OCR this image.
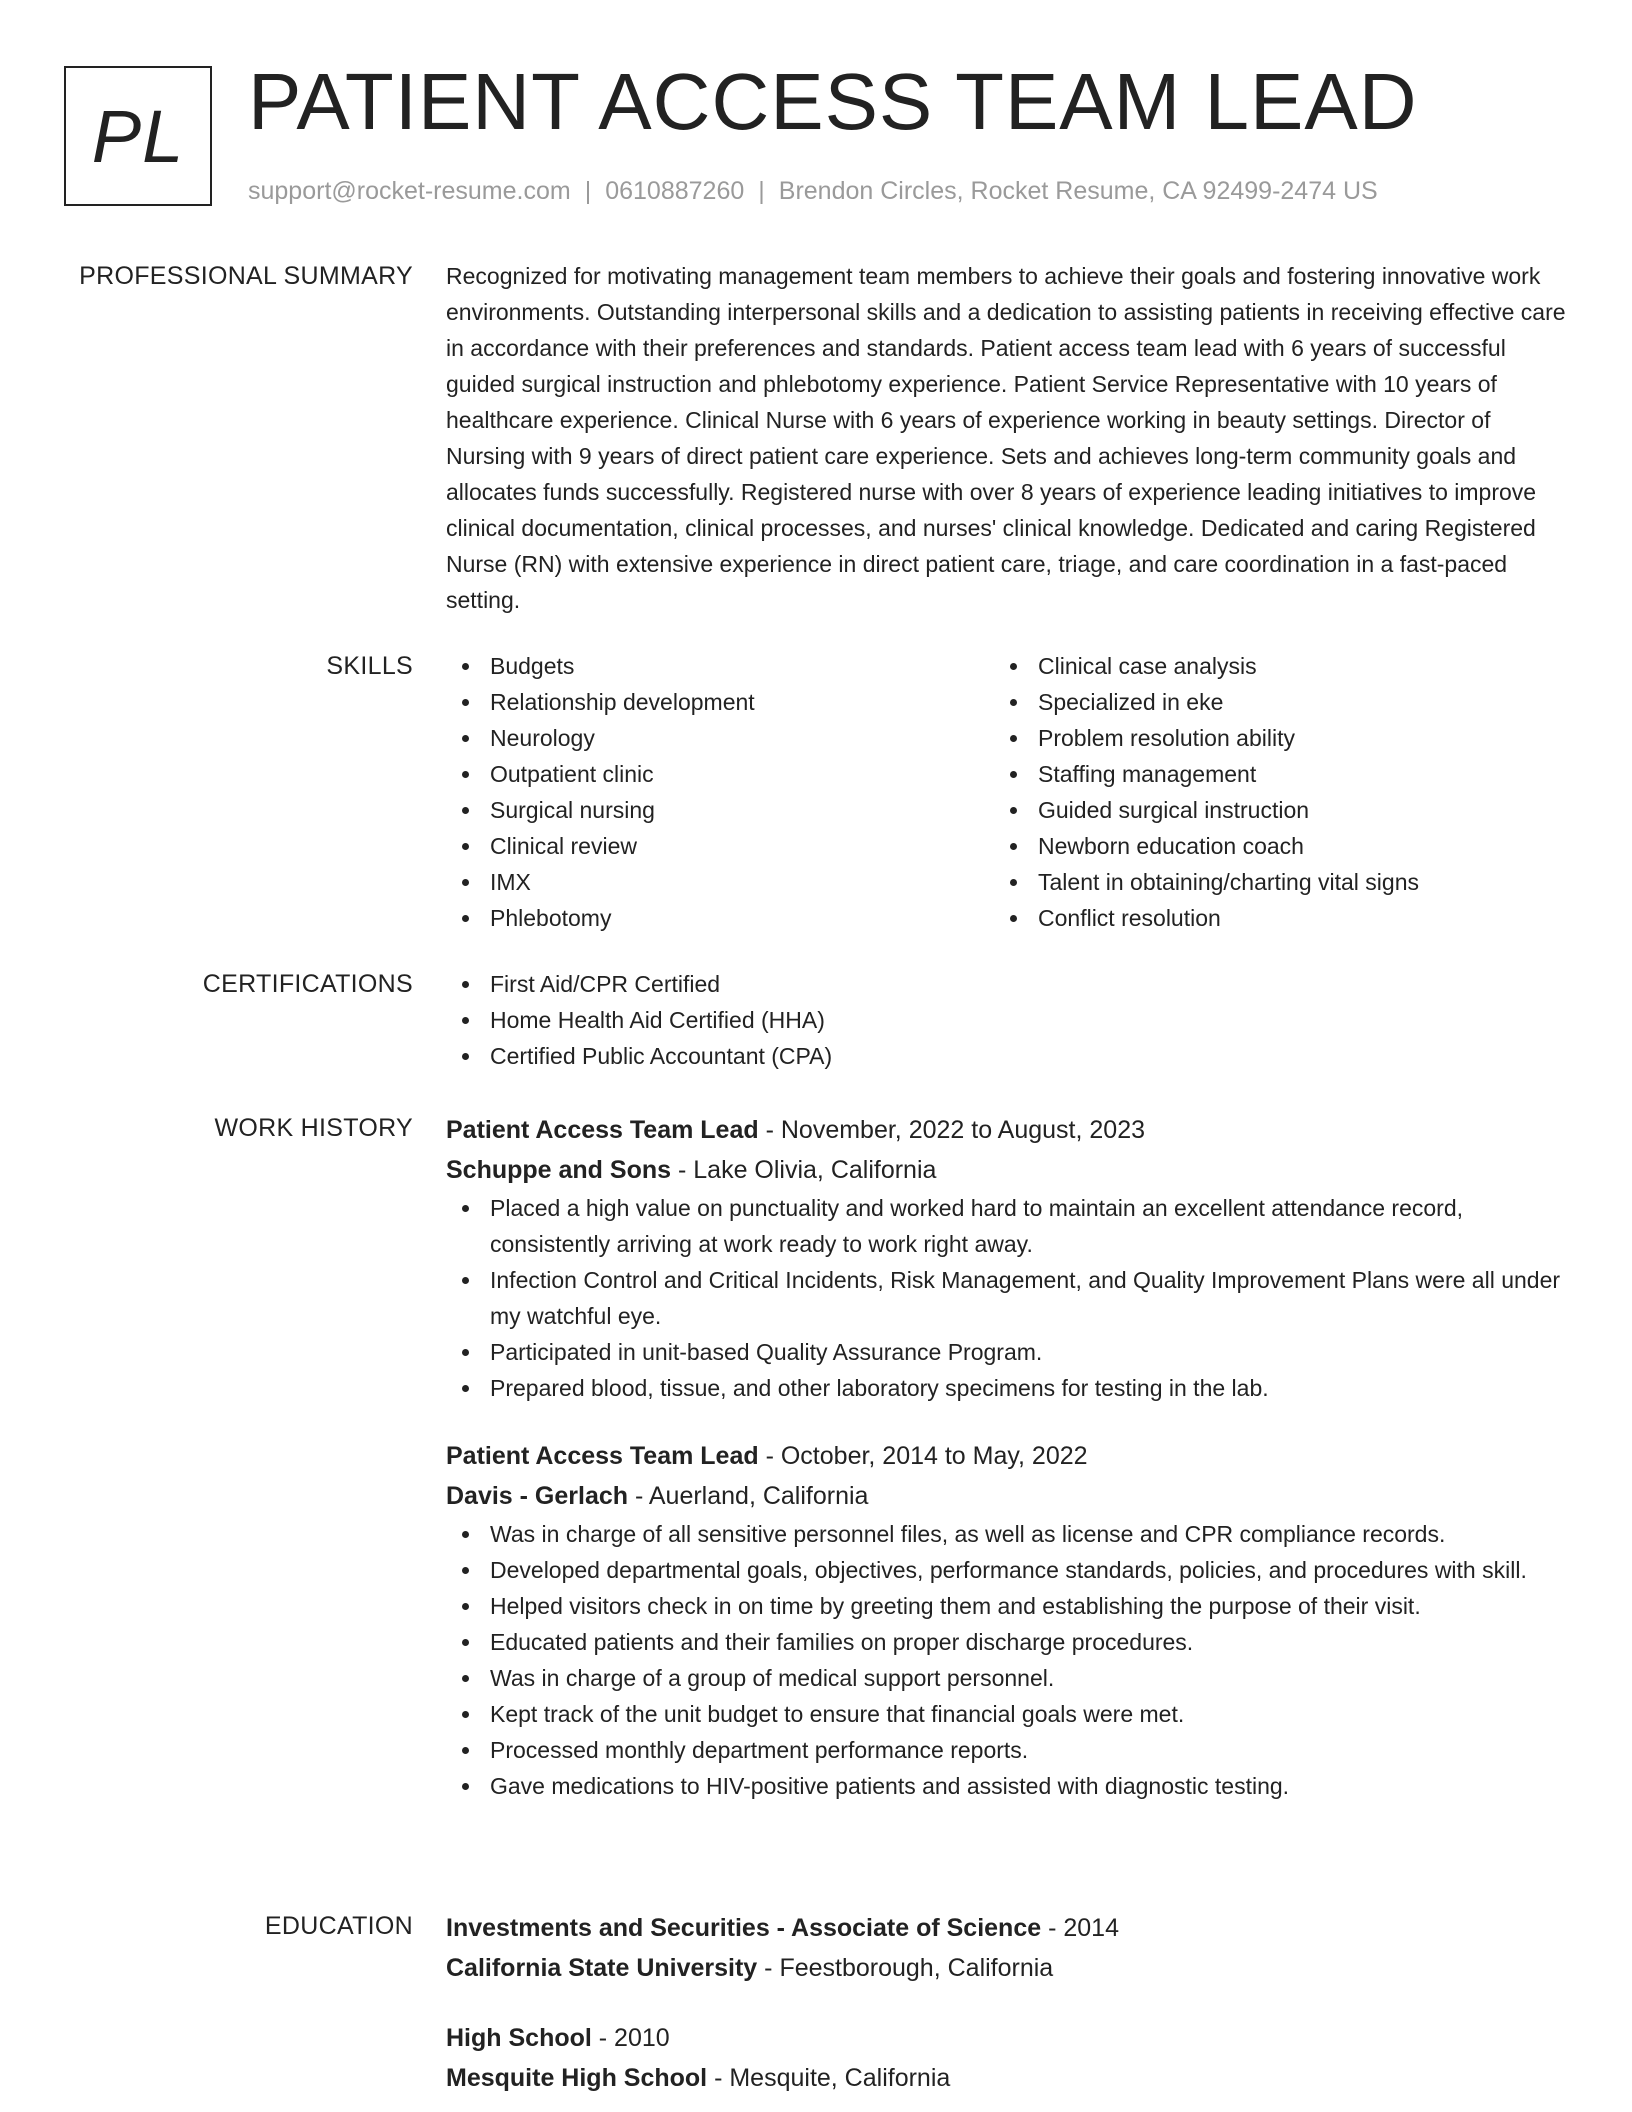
PL PATIENT ACCESS TEAM LEAD
support@rocket-resume.com | 0610887260 | Brendon Circles, Rocket Resume, CA 92499-2474 US
PROFESSIONAL SUMMARY Recognized for motivating management team members to achieve their goals and fostering innovative work environments. Outstanding interpersonal skills and a dedication to assisting patients in receiving effective care in accordance with their preferences and standards. Patient access team lead with 6 years of successful guided surgical instruction and phlebotomy experience. Patient Service Representative with 10 years of healthcare experience. Clinical Nurse with 6 years of experience working in beauty settings. Director of Nursing with 9 years of direct patient care experience. Sets and achieves long-term community goals and allocates funds successfully. Registered nurse with over 8 years of experience leading initiatives to improve clinical documentation, clinical processes, and nurses' clinical knowledge. Dedicated and caring Registered Nurse (RN) with extensive experience in direct patient care, triage, and care coordination in a fast-paced setting.

SKILLS	Budgets
Relationship development
Neurology
Outpatient clinic
Surgical nursing
Clinical review
IMX
Phlebotomy
Clinical case analysis
Specialized in eke
Problem resolution ability
Staffing management
Guided surgical instruction
Newborn education coach
Talent in obtaining/charting vital signs
Conflict resolution
CERTIFICATIONS	First Aid/CPR Certified
Home Health Aid Certified (HHA)
Certified Public Accountant (CPA)
WORK HISTORY Patient Access Team Lead - November, 2022 to August, 2023
Schuppe and Sons - Lake Olivia, California
Placed a high value on punctuality and worked hard to maintain an excellent attendance record, consistently arriving at work ready to work right away.
Infection Control and Critical Incidents, Risk Management, and Quality Improvement Plans were all under my watchful eye.
Participated in unit-based Quality Assurance Program.
Prepared blood, tissue, and other laboratory specimens for testing in the lab.
Patient Access Team Lead - October, 2014 to May, 2022
Davis - Gerlach - Auerland, California
Was in charge of all sensitive personnel files, as well as license and CPR compliance records.
Developed departmental goals, objectives, performance standards, policies, and procedures with skill.
Helped visitors check in on time by greeting them and establishing the purpose of their visit.
Educated patients and their families on proper discharge procedures.
Was in charge of a group of medical support personnel.
Kept track of the unit budget to ensure that financial goals were met.
Processed monthly department performance reports.
Gave medications to HIV-positive patients and assisted with diagnostic testing.
EDUCATION Investments and Securities - Associate of Science - 2014
California State University - Feestborough, California
High School - 2010
Mesquite High School - Mesquite, California
